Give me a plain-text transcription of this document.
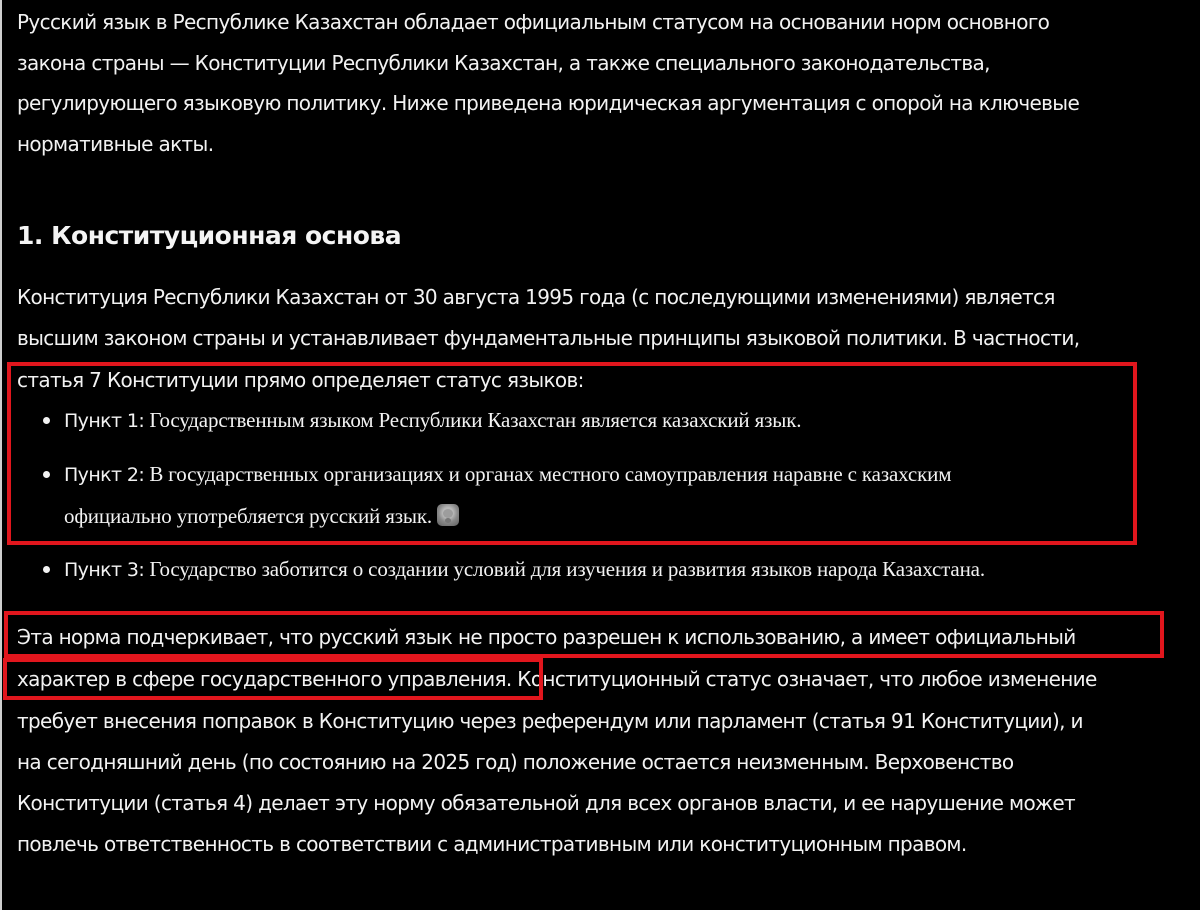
Русский язык в Республике Казахстан обладает официальным статусом на основании норм основного

закона страны — Конституции Республики Казахстан, а также специального законодательства,

регулирующего языковую политику. Ниже приведена юридическая аргументация с опорой на ключевые

нормативные акты.

1. Конституционная основа

Конституция Республики Казахстан от 30 августа 1995 года (с последующими изменениями) является

высшим законом страны и устанавливает фундаментальные принципы языковой политики. В частности,

статья 7 Конституции прямо определяет статус языков:

Пункт 1: Государственным языком Республики Казахстан является казахский язык.
Пункт 2: В государственных организациях и органах местного самоуправления наравне с казахским
официально употребляется русский язык.
Пункт 3: Государство заботится о создании условий для изучения и развития языков народа Казахстана.

Эта норма подчеркивает, что русский язык не просто разрешен к использованию, а имеет официальный

характер в сфере государственного управления. Конституционный статус означает, что любое изменение

требует внесения поправок в Конституцию через референдум или парламент (статья 91 Конституции), и

на сегодняшний день (по состоянию на 2025 год) положение остается неизменным. Верховенство

Конституции (статья 4) делает эту норму обязательной для всех органов власти, и ее нарушение может

повлечь ответственность в соответствии с административным или конституционным правом.
